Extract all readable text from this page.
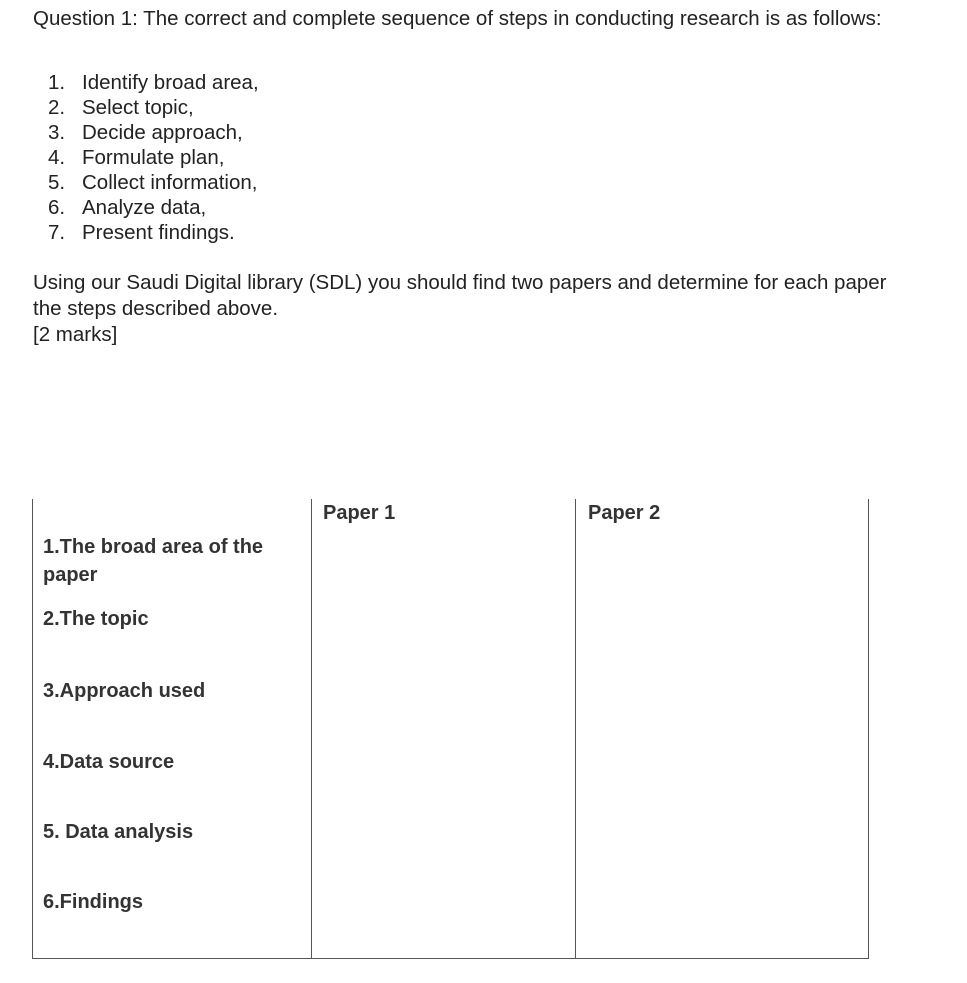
Question 1: The correct and complete sequence of steps in conducting research is as follows:

1. Identify broad area,
2. Select topic,
3. Decide approach,
4. Formulate plan,
5. Collect information,
6. Analyze data,
7. Present findings.

Using our Saudi Digital library (SDL) you should find two papers and determine for each paper the steps described above.

[2 marks]

Paper 1	Paper 2

1.The broad area of the paper

2.The topic

3.Approach used

4.Data source

5. Data analysis

6.Findings
